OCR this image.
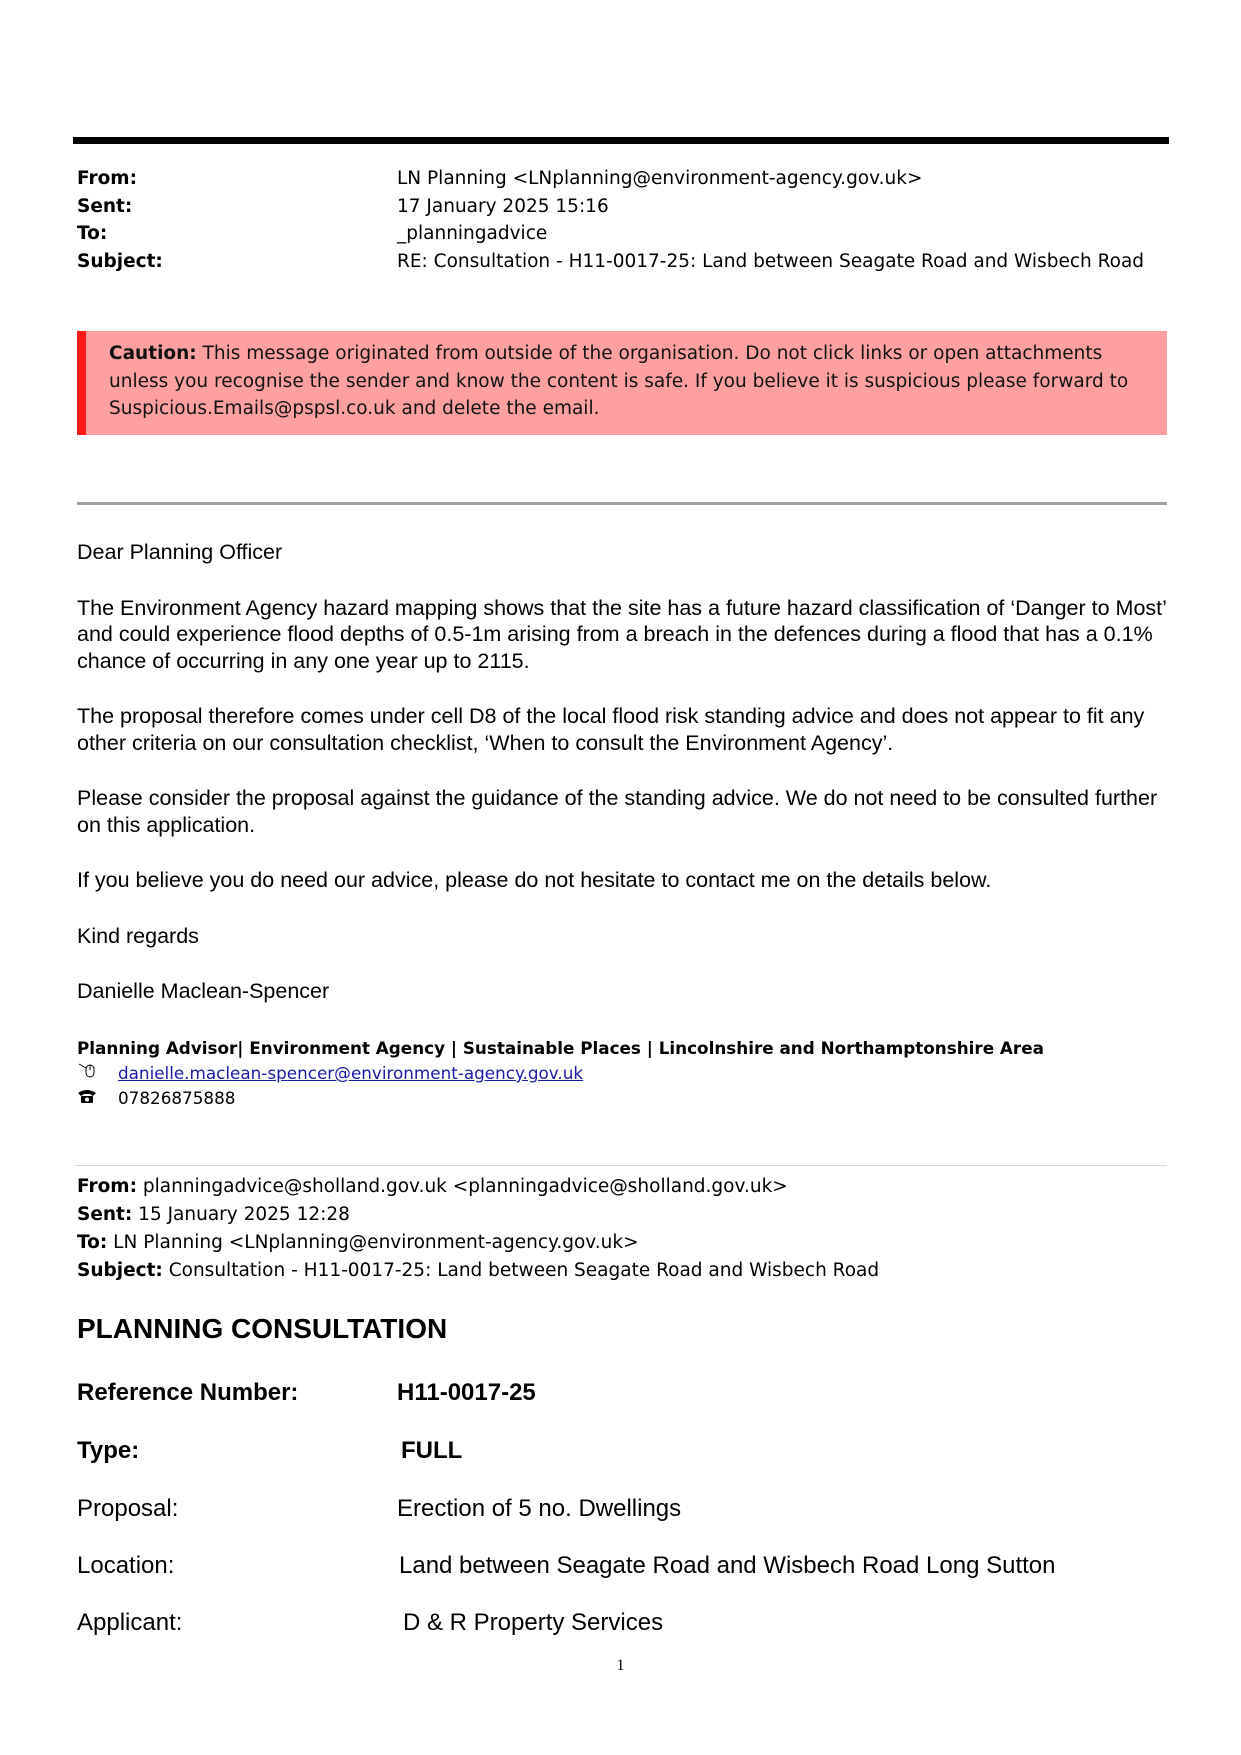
From:	LN Planning <LNplanning@environment-agency.gov.uk>
Sent:	17 January 2025 15:16
To:	_planningadvice
Subject:	RE: Consultation - H11-0017-25: Land between Seagate Road and Wisbech Road
Caution: This message originated from outside of the organisation. Do not click links or open attachments unless you recognise the sender and know the content is safe. If you believe it is suspicious please forward to Suspicious.Emails@pspsl.co.uk and delete the email.

Dear Planning Officer

The Environment Agency hazard mapping shows that the site has a future hazard classification of ‘Danger to Most’ and could experience flood depths of 0.5-1m arising from a breach in the defences during a flood that has a 0.1% chance of occurring in any one year up to 2115.

The proposal therefore comes under cell D8 of the local flood risk standing advice and does not appear to fit any other criteria on our consultation checklist, ‘When to consult the Environment Agency’.

Please consider the proposal against the guidance of the standing advice. We do not need to be consulted further on this application.

If you believe you do need our advice, please do not hesitate to contact me on the details below.

Kind regards

Danielle Maclean-Spencer

Planning Advisor| Environment Agency | Sustainable Places | Lincolnshire and Northamptonshire Area
danielle.maclean-spencer@environment-agency.gov.uk
07826875888
From: planningadvice@sholland.gov.uk <planningadvice@sholland.gov.uk>
Sent: 15 January 2025 12:28
To: LN Planning <LNplanning@environment-agency.gov.uk>
Subject: Consultation - H11-0017-25: Land between Seagate Road and Wisbech Road
PLANNING CONSULTATION
Reference Number:	H11-0017-25
Type:	FULL
Proposal:	Erection of 5 no. Dwellings
Location:	Land between Seagate Road and Wisbech Road Long Sutton
Applicant:	D & R Property Services
1
